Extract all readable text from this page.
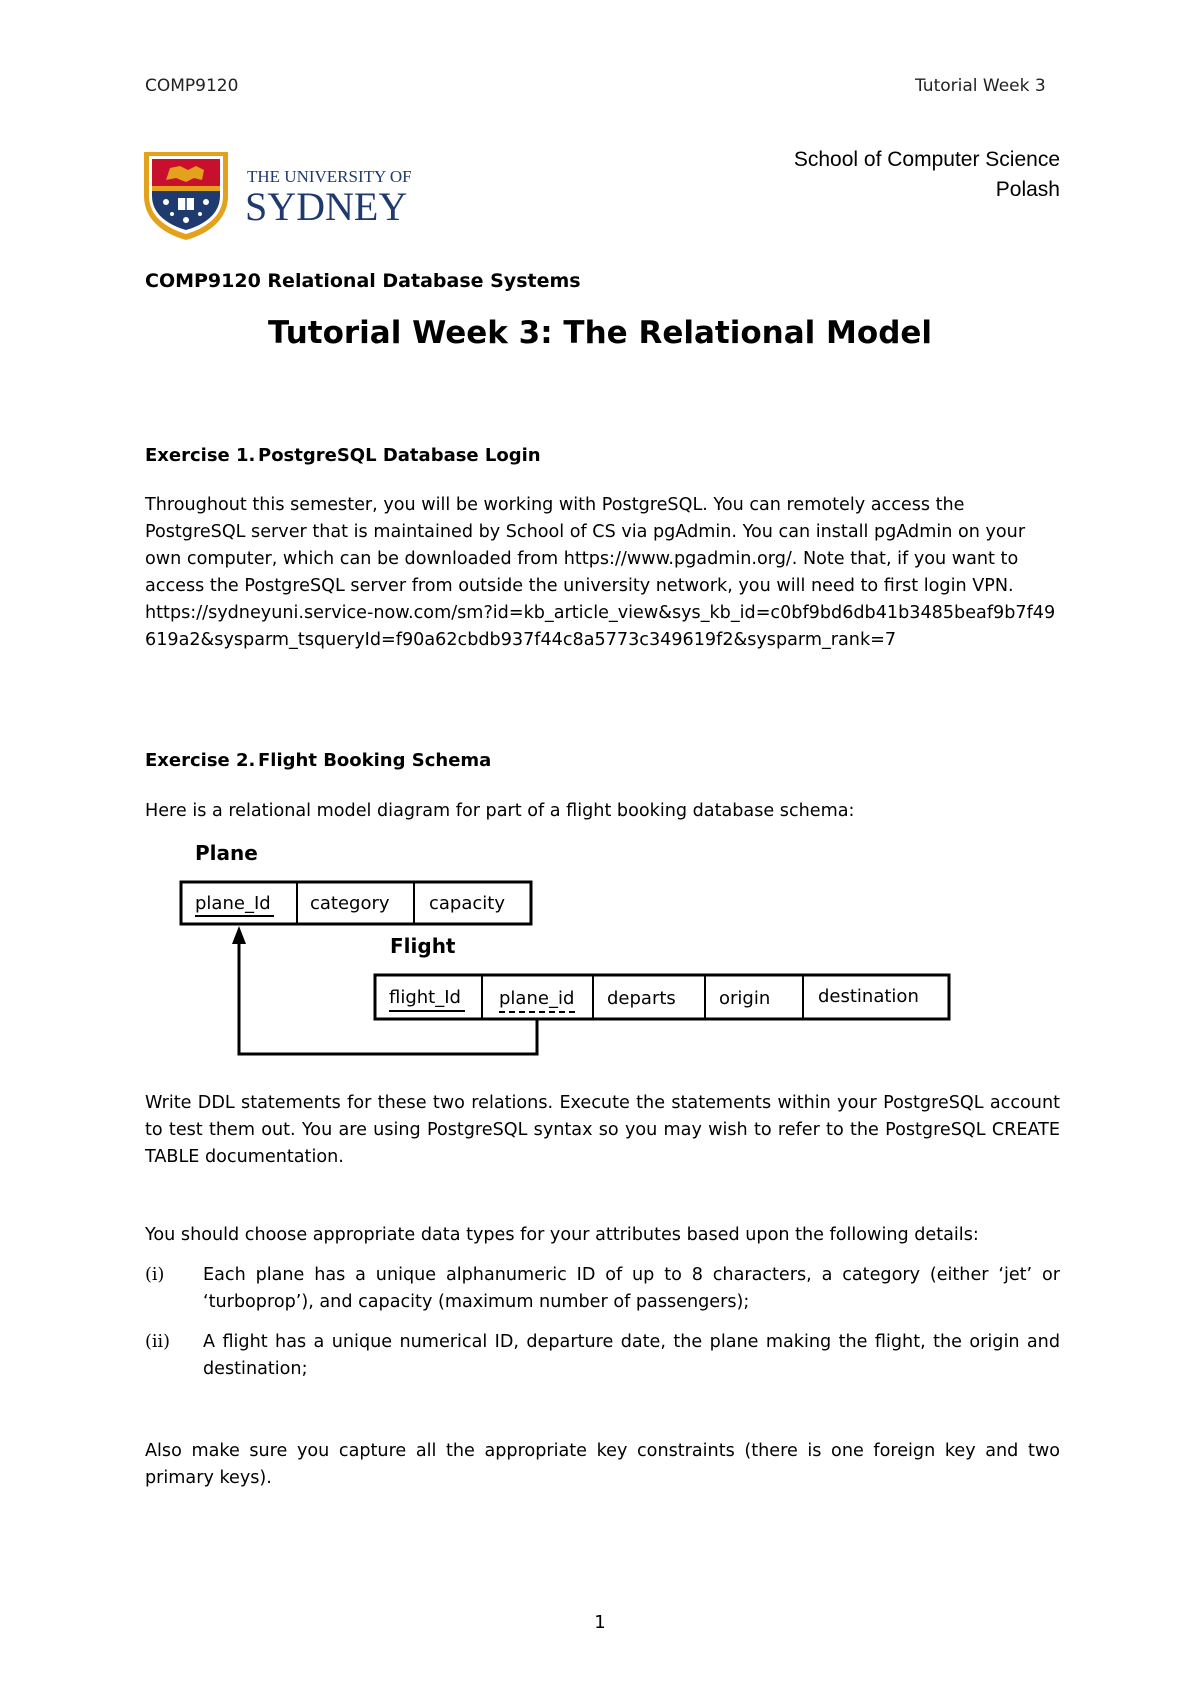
COMP9120	Tutorial Week 3
THE UNIVERSITY OF
SYDNEY
School of Computer Science
Polash
COMP9120 Relational Database Systems
Tutorial Week 3: The Relational Model
Exercise 1. PostgreSQL Database Login
Throughout this semester, you will be working with PostgreSQL. You can remotely access the PostgreSQL server that is maintained by School of CS via pgAdmin. You can install pgAdmin on your own computer, which can be downloaded from https://www.pgadmin.org/. Note that, if you want to access the PostgreSQL server from outside the university network, you will need to first login VPN.
https://sydneyuni.service-now.com/sm?id=kb_article_view&sys_kb_id=c0bf9bd6db41b3485beaf9b7f49619a2&sysparm_tsqueryId=f90a62cbdb937f44c8a5773c349619f2&sysparm_rank=7
Exercise 2. Flight Booking Schema
Here is a relational model diagram for part of a flight booking database schema:
Plane
plane_Id category capacity
Flight
flight_Id plane_id departs origin	destination
Write DDL statements for these two relations. Execute the statements within your PostgreSQL account to test them out. You are using PostgreSQL syntax so you may wish to refer to the PostgreSQL CREATE TABLE documentation.
You should choose appropriate data types for your attributes based upon the following details:
(i) Each plane has a unique alphanumeric ID of up to 8 characters, a category (either ‘jet’ or ‘turboprop’), and capacity (maximum number of passengers);
(ii) A flight has a unique numerical ID, departure date, the plane making the flight, the origin and destination;
Also make sure you capture all the appropriate key constraints (there is one foreign key and two primary keys).
1
